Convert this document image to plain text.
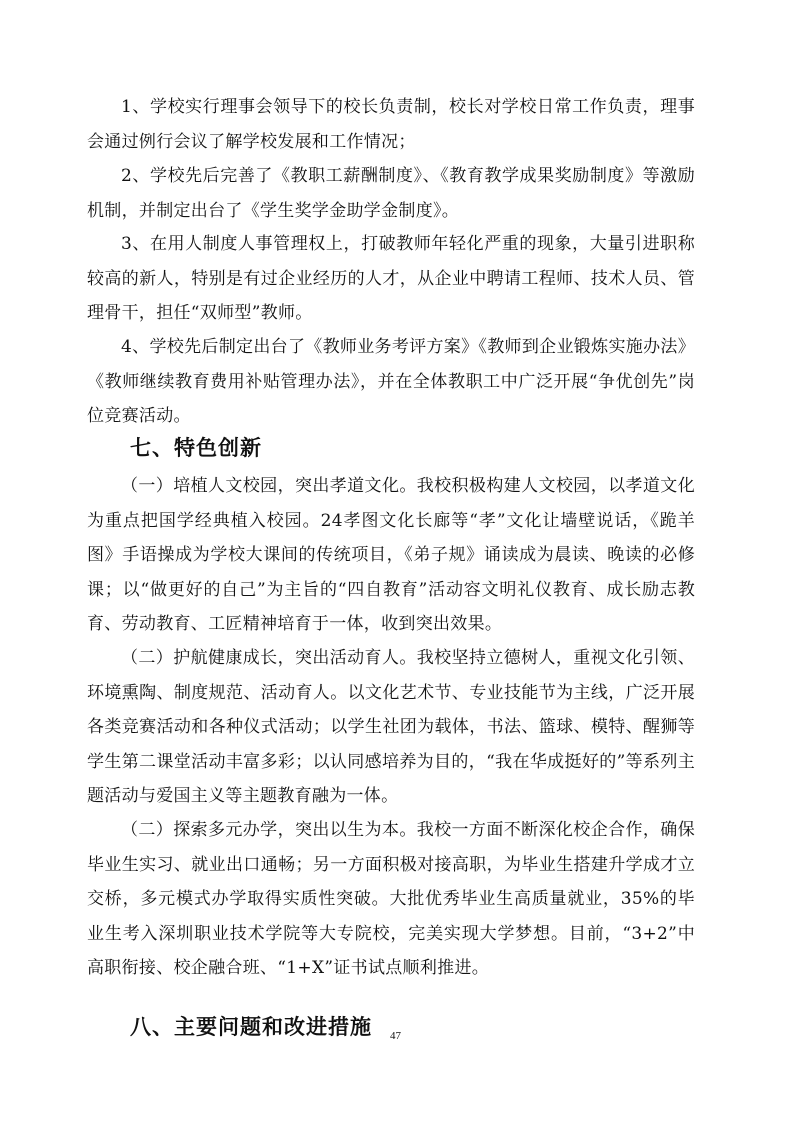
1、学校实行理事会领导下的校长负责制，校长对学校日常工作负责，理事会通过例行会议了解学校发展和工作情况；

2、学校先后完善了《教职工薪酬制度》、《教育教学成果奖励制度》等激励机制，并制定出台了《学生奖学金助学金制度》。

3、在用人制度人事管理权上，打破教师年轻化严重的现象，大量引进职称较高的新人，特别是有过企业经历的人才，从企业中聘请工程师、技术人员、管理骨干，担任“双师型”教师。

4、学校先后制定出台了《教师业务考评方案》《教师到企业锻炼实施办法》《教师继续教育费用补贴管理办法》，并在全体教职工中广泛开展“争优创先”岗位竞赛活动。

七、特色创新

（一）培植人文校园，突出孝道文化。我校积极构建人文校园，以孝道文化为重点把国学经典植入校园。24孝图文化长廊等“孝”文化让墙壁说话，《跪羊图》手语操成为学校大课间的传统项目，《弟子规》诵读成为晨读、晚读的必修课；以“做更好的自己”为主旨的“四自教育”活动容文明礼仪教育、成长励志教育、劳动教育、工匠精神培育于一体，收到突出效果。

（二）护航健康成长，突出活动育人。我校坚持立德树人，重视文化引领、环境熏陶、制度规范、活动育人。以文化艺术节、专业技能节为主线，广泛开展各类竞赛活动和各种仪式活动；以学生社团为载体，书法、篮球、模特、醒狮等学生第二课堂活动丰富多彩；以认同感培养为目的，“我在华成挺好的”等系列主题活动与爱国主义等主题教育融为一体。

（二）探索多元办学，突出以生为本。我校一方面不断深化校企合作，确保毕业生实习、就业出口通畅；另一方面积极对接高职，为毕业生搭建升学成才立交桥，多元模式办学取得实质性突破。大批优秀毕业生高质量就业，35%的毕业生考入深圳职业技术学院等大专院校，完美实现大学梦想。目前，“3+2”中高职衔接、校企融合班、“1+X”证书试点顺利推进。

八、主要问题和改进措施 47
